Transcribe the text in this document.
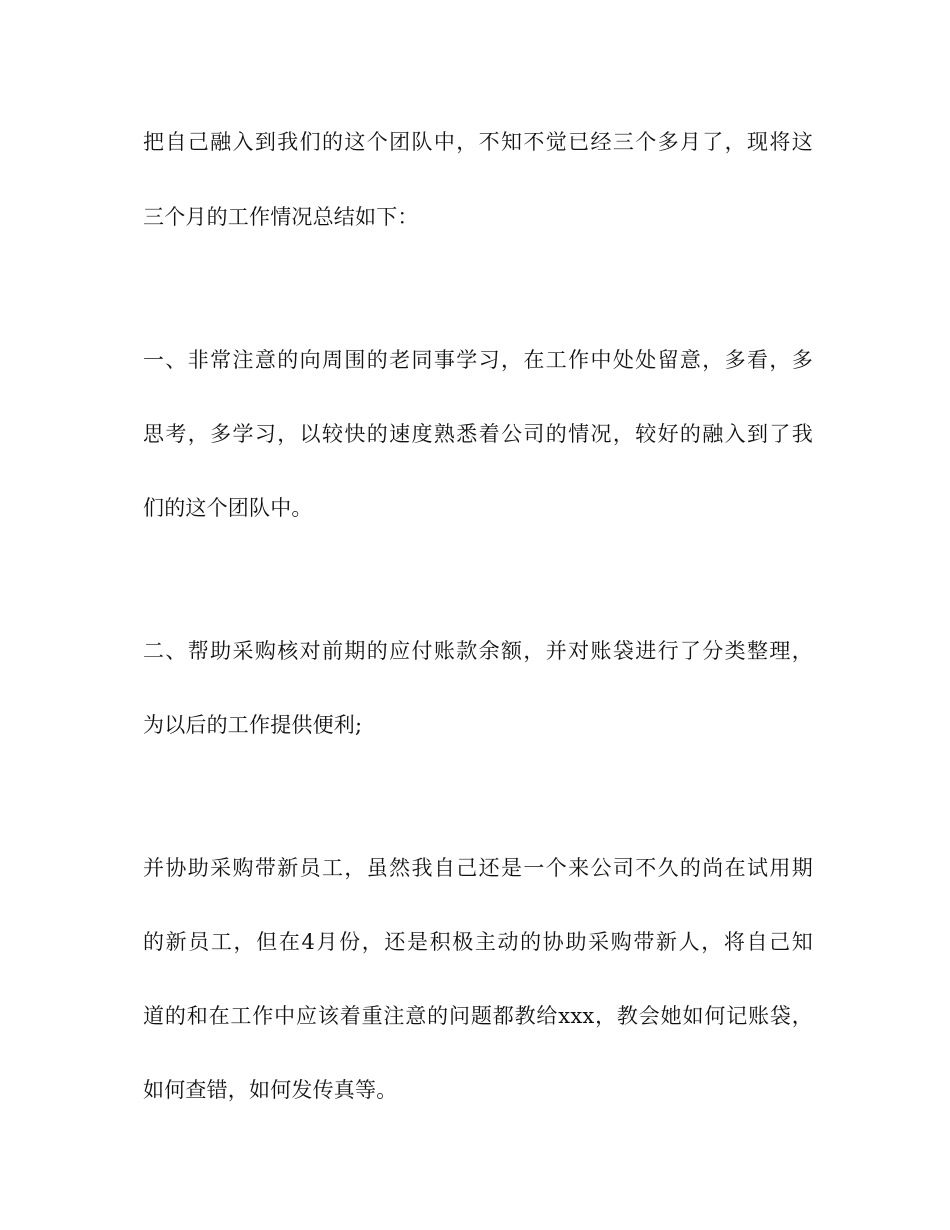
把自己融入到我们的这个团队中，不知不觉已经三个多月了，现将这
三个月的工作情况总结如下：
一、非常注意的向周围的老同事学习，在工作中处处留意，多看，多
思考，多学习，以较快的速度熟悉着公司的情况，较好的融入到了我
们的这个团队中。
二、帮助采购核对前期的应付账款余额，并对账袋进行了分类整理，
为以后的工作提供便利;
并协助采购带新员工，虽然我自己还是一个来公司不久的尚在试用期
的新员工，但在4月份，还是积极主动的协助采购带新人，将自己知
道的和在工作中应该着重注意的问题都教给xxx，教会她如何记账袋，
如何查错，如何发传真等。
